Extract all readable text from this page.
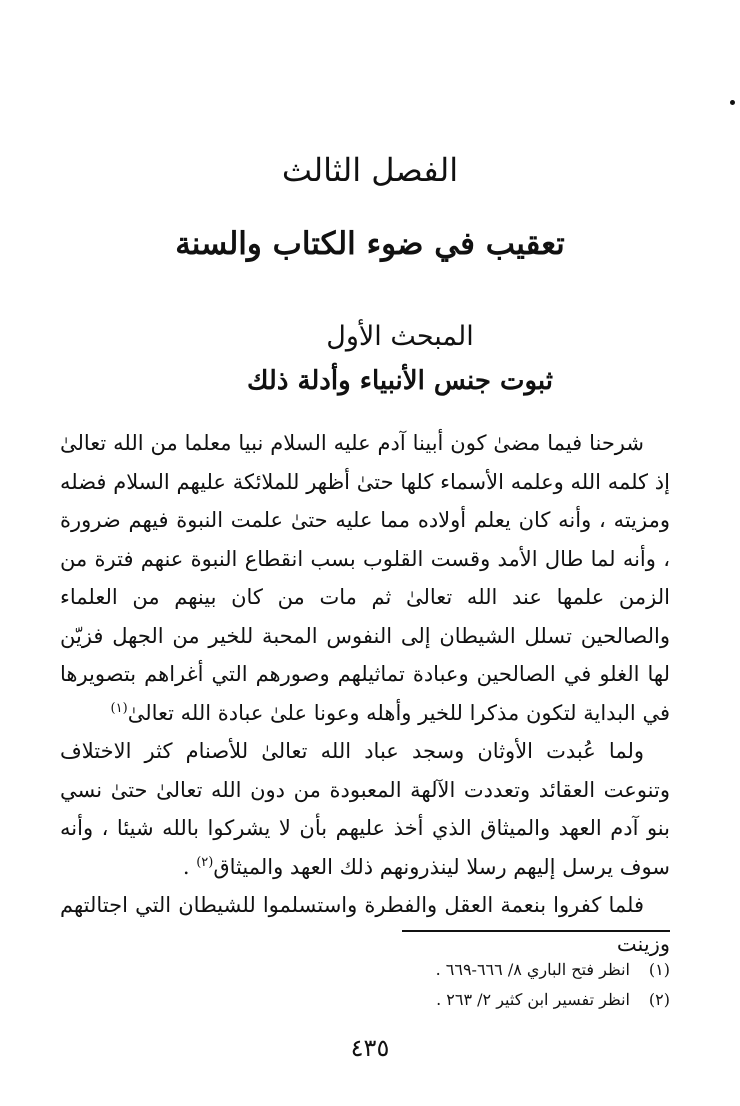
الفصل الثالث
تعقيب في ضوء الكتاب والسنة
المبحث الأول
ثبوت جنس الأنبياء وأدلة ذلك

شرحنا فيما مضىٰ كون أبينا آدم عليه السلام نبيا معلما من الله تعالىٰ إذ كلمه الله وعلمه الأسماء كلها حتىٰ أظهر للملائكة عليهم السلام فضله ومزيته ، وأنه كان يعلم أولاده مما عليه حتىٰ علمت النبوة فيهم ضرورة ، وأنه لما طال الأمد وقست القلوب بسب انقطاع النبوة عنهم فترة من الزمن علمها عند الله تعالىٰ ثم مات من كان بينهم من العلماء والصالحين تسلل الشيطان إلى النفوس المحبة للخير من الجهل فزيّن لها الغلو في الصالحين وعبادة تماثيلهم وصورهم التي أغراهم بتصويرها في البداية لتكون مذكرا للخير وأهله وعونا علىٰ عبادة الله تعالىٰ$^{(١)}$

ولما عُبدت الأوثان وسجد عباد الله تعالىٰ للأصنام كثر الاختلاف وتنوعت العقائد وتعددت الآلهة المعبودة من دون الله تعالىٰ حتىٰ نسي بنو آدم العهد والميثاق الذي أخذ عليهم بأن لا يشركوا بالله شيئا ، وأنه سوف يرسل إليهم رسلا لينذرونهم ذلك العهد والميثاق$^{(٢)}$ .

فلما كفروا بنعمة العقل والفطرة واستسلموا للشيطان التي اجتالتهم وزينت

(١)انظر فتح الباري ٨/ ٦٦٦-٦٦٩ .
(٢)انظر تفسير ابن كثير ٢/ ٢٦٣ .
٤٣٥
